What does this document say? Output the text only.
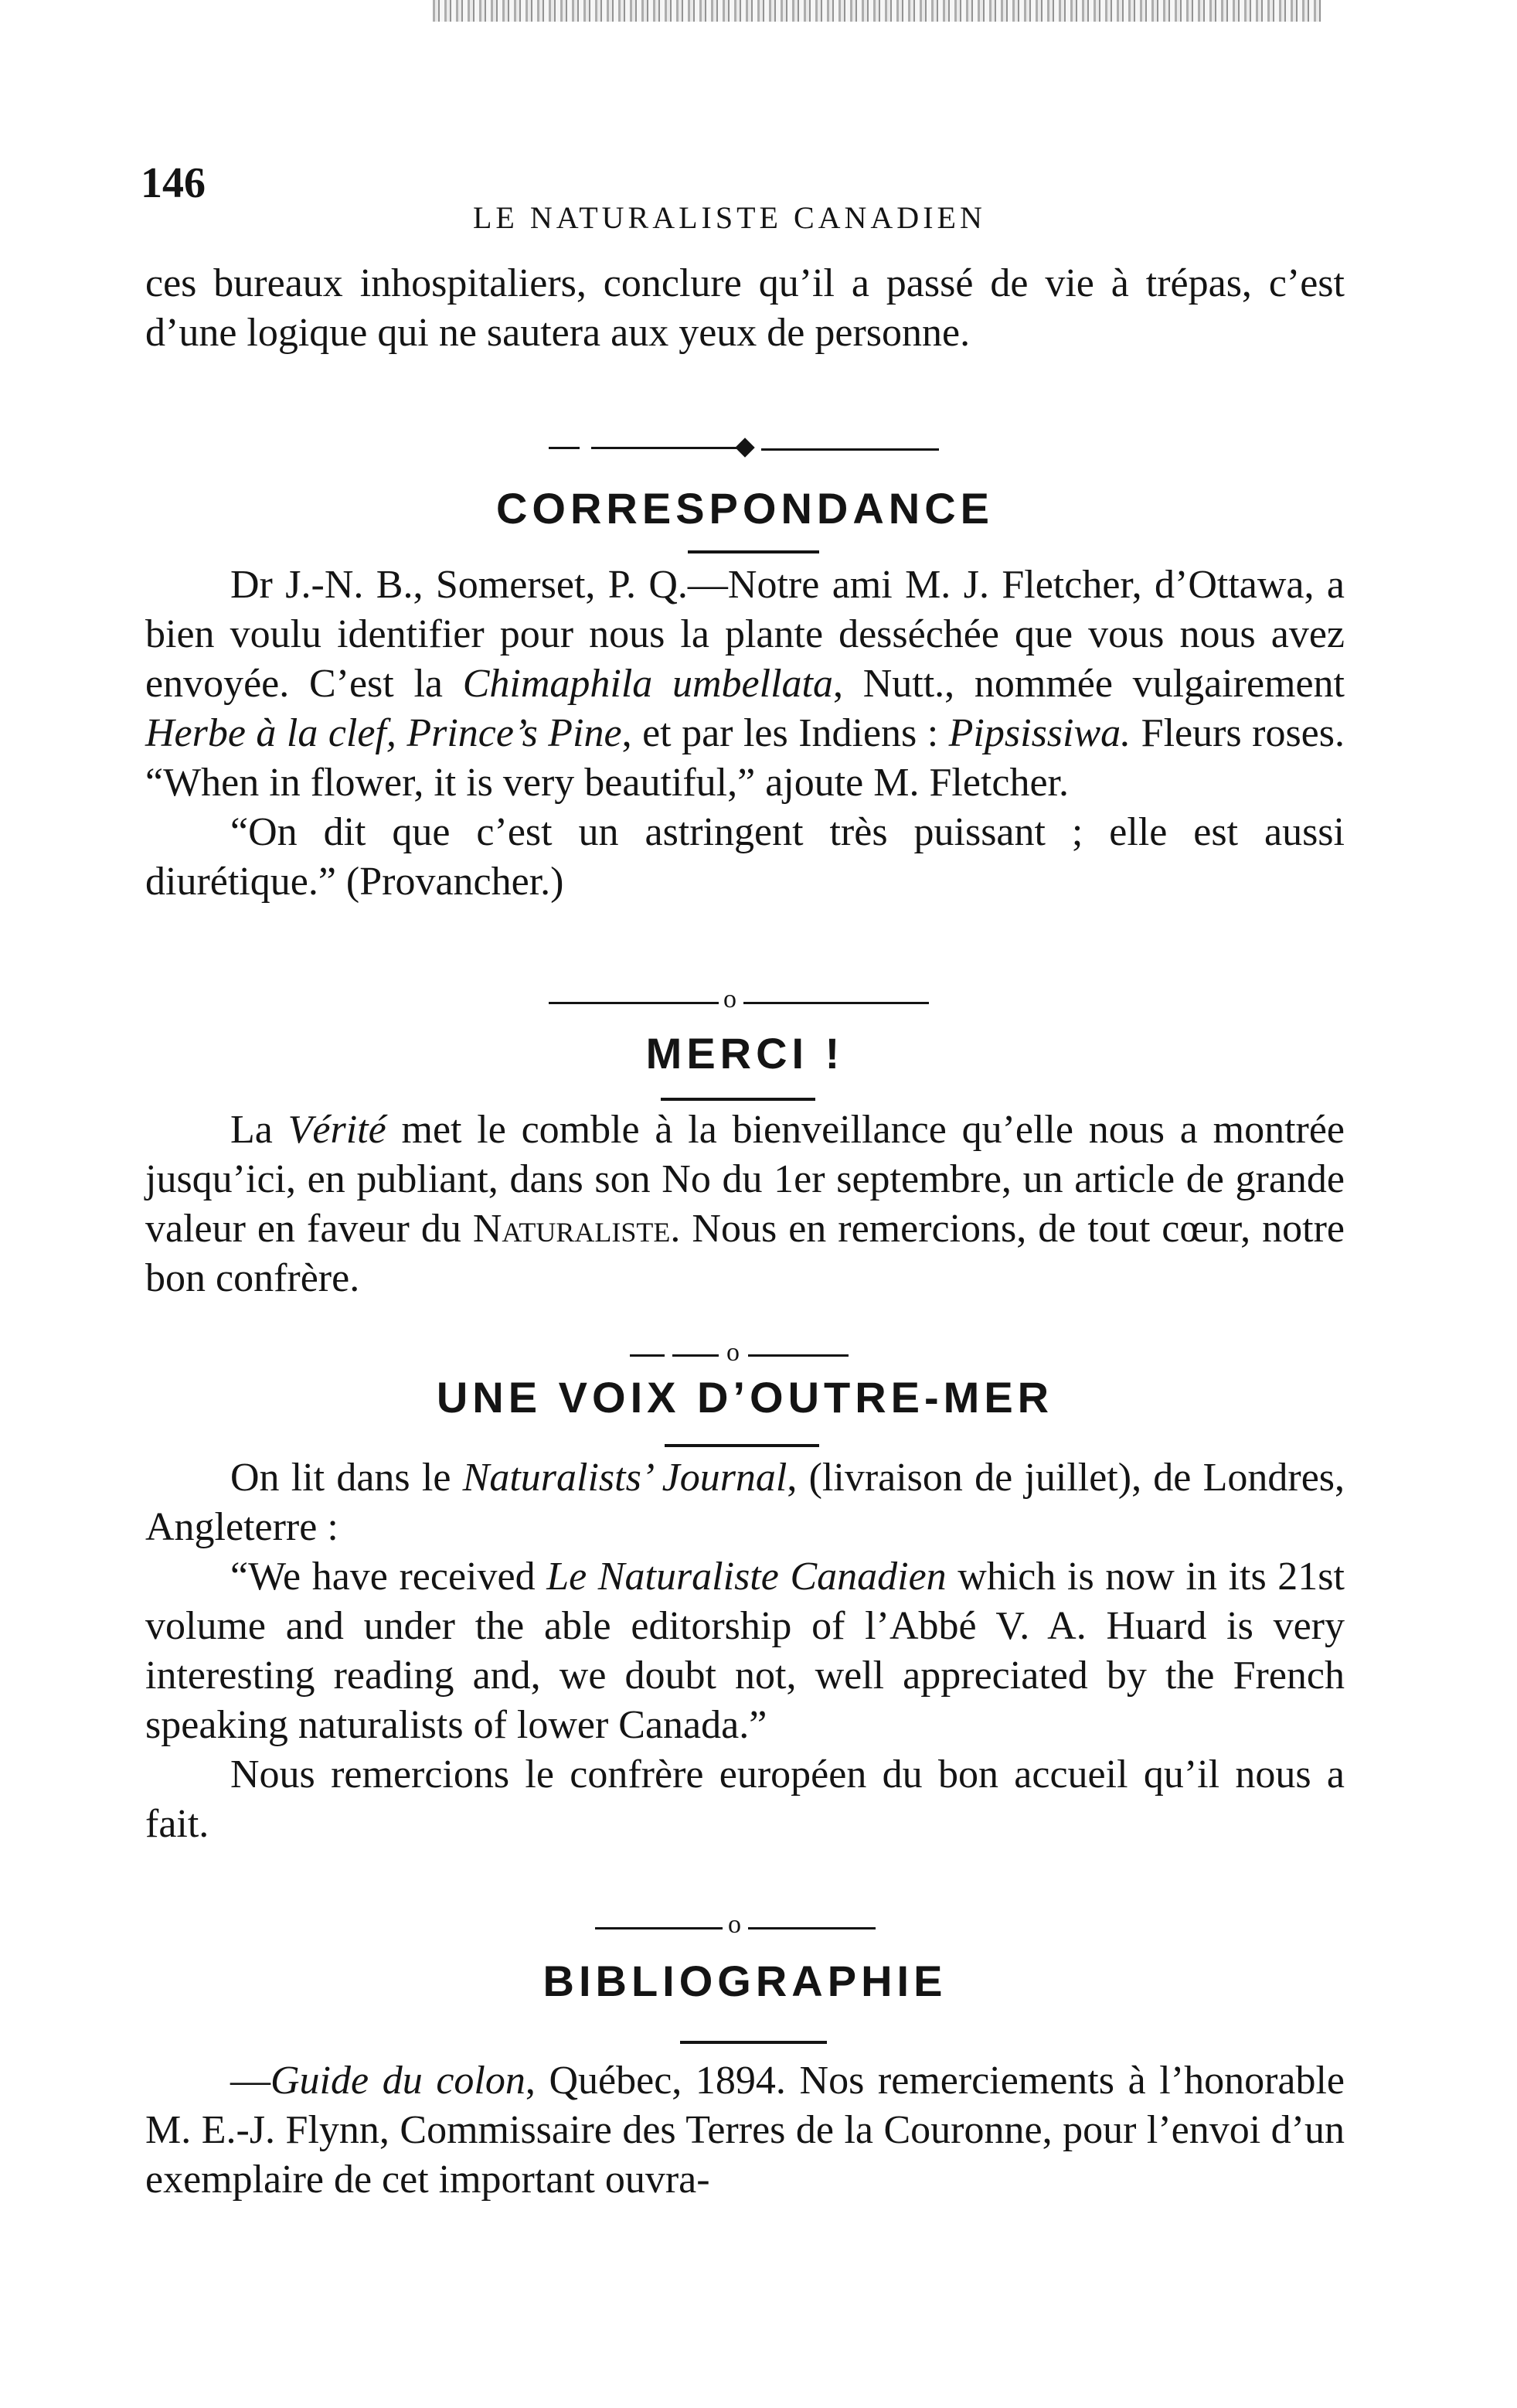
146
LE NATURALISTE CANADIEN

ces bureaux inhospitaliers, conclure qu’il a passé de vie à trépas, c’est d’une logique qui ne sautera aux yeux de personne.

CORRESPONDANCE

Dr J.-N. B., Somerset, P. Q.—Notre ami M. J. Fletcher, d’Ottawa, a bien voulu identifier pour nous la plante desséchée que vous nous avez envoyée. C’est la Chimaphila umbellata, Nutt., nommée vulgairement Herbe à la clef, Prince’s Pine, et par les Indiens : Pipsissiwa. Fleurs roses. “When in flower, it is very beautiful,” ajoute M. Fletcher.

“On dit que c’est un astringent très puissant ; elle est aussi diurétique.” (Provancher.)

o
MERCI !

La Vérité met le comble à la bienveillance qu’elle nous a montrée jusqu’ici, en publiant, dans son No du 1er septembre, un article de grande valeur en faveur du Naturaliste. Nous en remercions, de tout cœur, notre bon confrère.

o
UNE VOIX D’OUTRE-MER

On lit dans le Naturalists’ Journal, (livraison de juillet), de Londres, Angleterre :

“We have received Le Naturaliste Canadien which is now in its 21st volume and under the able editorship of l’Abbé V. A. Huard is very interesting reading and, we doubt not, well appreciated by the French speaking naturalists of lower Canada.”

Nous remercions le confrère européen du bon accueil qu’il nous a fait.

o
BIBLIOGRAPHIE

—Guide du colon, Québec, 1894. Nos remerciements à l’honorable M. E.-J. Flynn, Commissaire des Terres de la Couronne, pour l’envoi d’un exemplaire de cet important ouvra-
